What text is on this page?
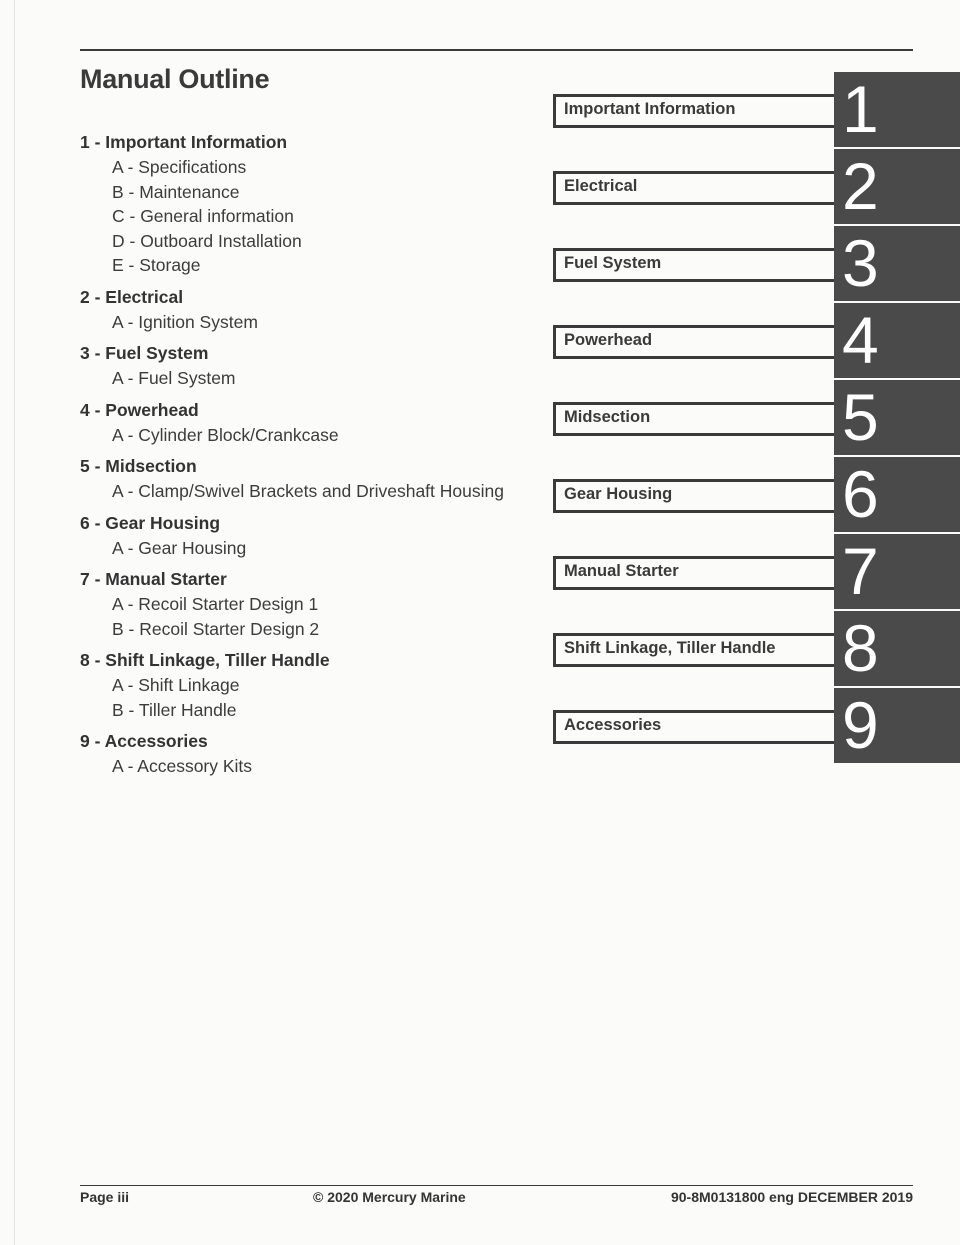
Manual Outline
1 - Important Information
A - Specifications
B - Maintenance
C - General information
D - Outboard Installation
E - Storage
2 - Electrical
A - Ignition System
3 - Fuel System
A - Fuel System
4 - Powerhead
A - Cylinder Block/Crankcase
5 - Midsection
A - Clamp/Swivel Brackets and Driveshaft Housing
6 - Gear Housing
A - Gear Housing
7 - Manual Starter
A - Recoil Starter Design 1
B - Recoil Starter Design 2
8 - Shift Linkage, Tiller Handle
A - Shift Linkage
B - Tiller Handle
9 - Accessories
A - Accessory Kits
Important Information 1
Electrical	2
Fuel System	3
Powerhead	4
Midsection	5
Gear Housing	6
Manual Starter 7
Shift Linkage, Tiller Handle 8
Accessories	9
Page iii	© 2020 Mercury Marine	90-8M0131800 eng DECEMBER 2019
